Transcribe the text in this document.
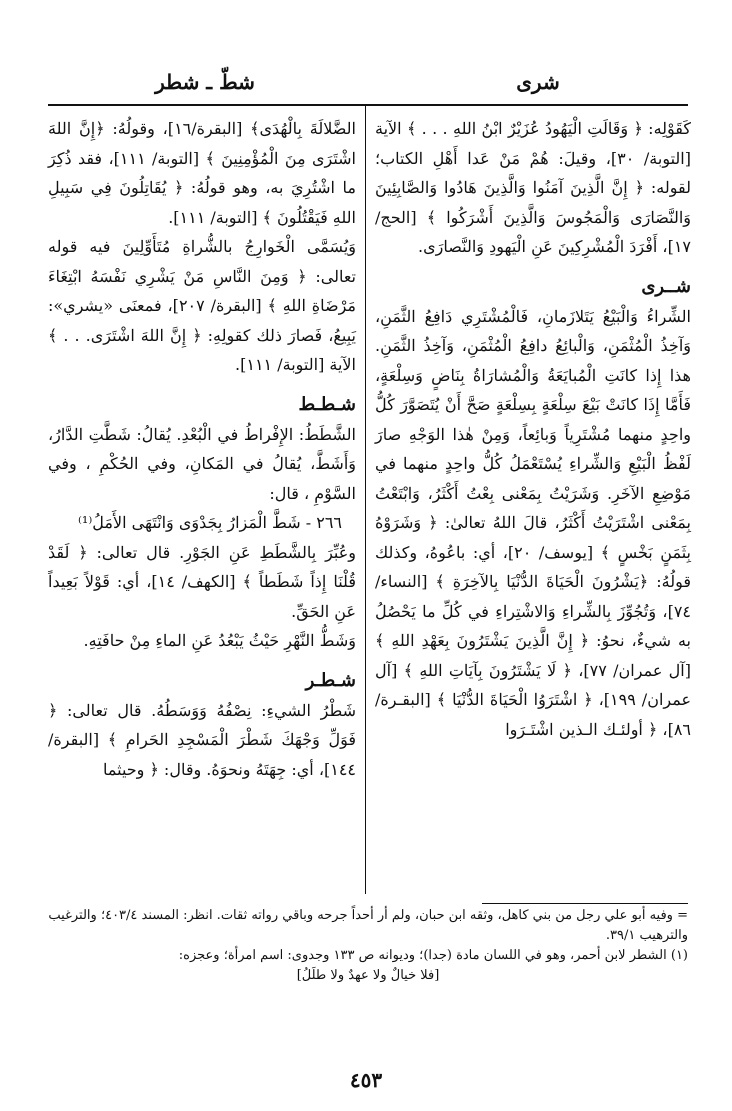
شرى
شطّ ـ شطر

كَقَوْلِه: ﴿ وَقَالَتِ الْيَهُودُ عُزَيْرٌ ابْنُ اللهِ . . . ﴾ الآية [التوبة/ ٣٠]، وقيلَ: هُمْ مَنْ عَدا أَهْلِ الكتاب؛ لقوله: ﴿ إِنَّ الَّذِينَ آمَنُوا وَالَّذِينَ هَادُوا وَالصَّابِئِينَ وَالنَّصَارَى وَالْمَجُوسَ وَالَّذِينَ أَشْرَكُوا ﴾ [الحج/ ١٧]، أَفْرَدَ الْمُشْرِكِينَ عَنِ الْيَهودِ وَالنَّصارَى.

شــرى

الشِّراءُ وَالْبَيْعُ يَتَلازَمانِ، فَالْمُشْتَرِي دَافِعُ الثَّمَنِ، وَآخِذُ الْمُثْمَنِ، وَالْبائِعُ دافِعُ الْمُثْمَنِ، وَآخِذُ الثَّمَنِ. هذا إِذا كانَتِ الْمُبايَعَةُ وَالْمُشارَاةُ بِنَاضٍ وَسِلْعَةٍ، فَأَمَّا إِذَا كانَتْ بَيْعَ سِلْعَةٍ بِسِلْعَةٍ صَحَّ أَنْ يُتَصَوَّرَ كُلُّ واحِدٍ منهما مُشْتَرِياً وَبائِعاً، وَمِنْ هٰذا الوَجْهِ صارَ لَفْظُ الْبَيْعِ وَالشِّراءِ يُسْتَعْمَلُ كُلُّ واحِدٍ منهما في مَوْضِعِ الآخَرِ. وَشَرَيْتُ بِمَعْنى بِعْتُ أَكْثَرُ، وَابْتَعْتُ بِمَعْنى اشْتَرَيْتُ أَكْثَرُ، قالَ اللهُ تعالىٰ: ﴿ وَشَرَوْهُ بِثَمَنٍ بَخْسٍ ﴾ [يوسف/ ٢٠]، أي: باعُوهُ، وكذلك قولُهُ: ﴿يَشْرُونَ الْحَيَاةَ الدُّنْيَا بِالآخِرَةِ ﴾ [النساء/ ٧٤]، وَتُجُوِّزَ بِالشِّراءِ وَالاشْتِراءِ في كُلِّ ما يَحْصُلُ به شيءٌ، نحوُ: ﴿ إِنَّ الَّذِينَ يَشْتَرُونَ بِعَهْدِ اللهِ ﴾ [آل عمران/ ٧٧]، ﴿ لَا يَشْتَرُونَ بِآيَاتِ اللهِ ﴾ [آل عمران/ ١٩٩]، ﴿ اشْتَرَوُا الْحَيَاةَ الدُّنْيَا ﴾ [البقـرة/ ٨٦]، ﴿ أولئـك الـذين اشْتَـرَوا

الضَّلالَةَ بِالْهُدَى﴾ [البقرة/١٦]، وقولُهُ: ﴿إِنَّ اللهَ اشْتَرَى مِنَ الْمُؤْمِنِينَ ﴾ [التوبة/ ١١١]، فقد ذُكِرَ ما اشْتُرِيَ به، وهو قولُهُ: ﴿ يُقَاتِلُونَ فِي سَبِيلِ اللهِ فَيَقْتُلُونَ ﴾ [التوبة/ ١١١].

وَيُسَمَّى الْخَوارِجُ بالشُّراةِ مُتَأَوِّلِينَ فيه قوله تعالى: ﴿ وَمِنَ النَّاسِ مَنْ يَشْرِي نَفْسَهُ ابْتِغَاءَ مَرْضَاةِ اللهِ ﴾ [البقرة/ ٢٠٧]، فمعنَى «يشري»: يَبِيعُ، فَصارَ ذلك كقولِهِ: ﴿ إِنَّ اللهَ اشْتَرَى. . . ﴾ الآية [التوبة/ ١١١].

شـطـط

الشَّطَطُ: الإِفْراطُ في الْبُعْدِ. يُقالُ: شَطَّتِ الدَّارُ، وَأَشَطَّ، يُقالُ في المَكانِ، وفي الحُكْمِ ، وفي السَّوْمِ ، قال:

٢٦٦ - شَطَّ الْمَزارُ بِجَدْوَى وَانْتَهَى الأَمَلُ⁽¹⁾

وعُبِّرَ بِالشَّطَطِ عَنِ الجَوْرِ. قال تعالى: ﴿ لَقَدْ قُلْنَا إِذاً شَطَطاً ﴾ [الكهف/ ١٤]، أي: قَوْلاً بَعِيداً عَنِ الحَقِّ.

وَشَطُّ النَّهْرِ حَيْثُ يَبْعُدُ عَنِ الماءِ مِنْ حافَتِهِ.

شـطـر

شَطْرُ الشيءِ: نِصْفُهُ وَوَسَطُهُ. قال تعالى: ﴿ فَوَلِّ وَجْهَكَ شَطْرَ الْمَسْجِدِ الحَرامِ ﴾ [البقرة/ ١٤٤]، أي: جِهَتَهُ ونحوَهُ. وقال: ﴿ وحيثما

= وفيه أبو علي رجل من بني كاهل، وثقه ابن حبان، ولم أر أحداً جرحه وباقي رواته ثقات. انظر: المسند ٤٠٣/٤؛ والترغيب والترهيب ٣٩/١.

(١) الشطر لابن أحمر، وهو في اللسان مادة (جدا)؛ وديوانه ص ١٣٣ وجدوى: اسم امرأة؛ وعجزه:

[فلا خيالٌ ولا عهدٌ ولا طلَلُ]

٤٥٣
